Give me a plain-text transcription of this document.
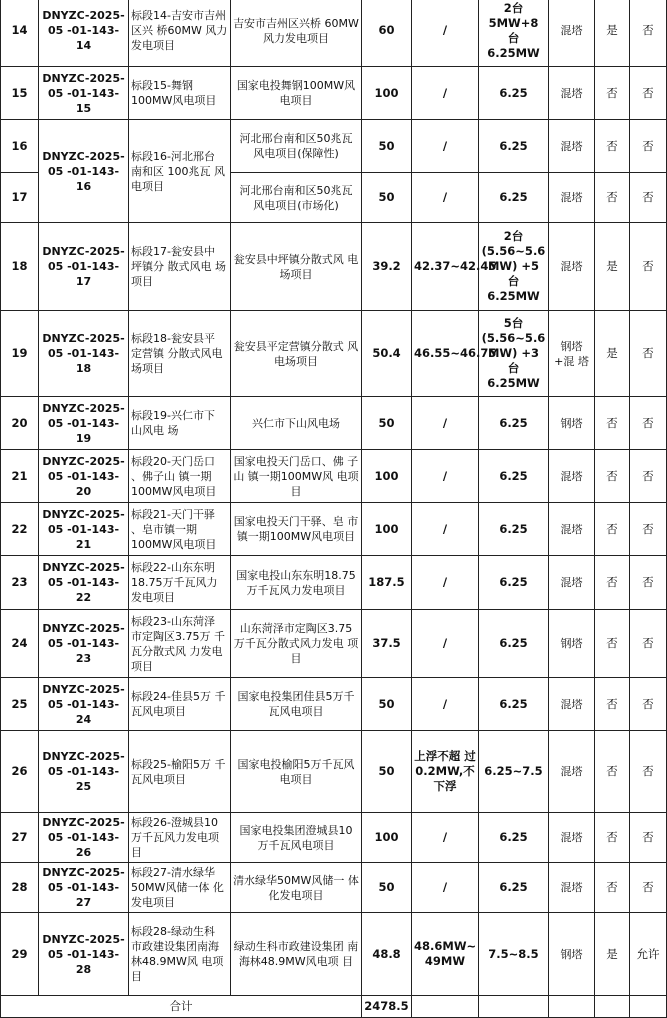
14	DNYZC-2025-05 -01-143-14	标段14-吉安市吉州区兴 桥60MW 风力发电项目	吉安市吉州区兴桥 60MW 风力发电项目	60	/	2台 5MW+8 台 6.25MW	混塔	是	否
15	DNYZC-2025-05 -01-143-15	标段15-舞钢 100MW风电项目	国家电投舞钢100MW风 电项目	100	/	6.25	混塔	否	否
16	DNYZC-2025-05 -01-143-16	标段16-河北邢台 南和区 100兆瓦 风电项目	河北邢台南和区50兆瓦 风电项目(保障性)	50	/	6.25	混塔	否	否
17			河北邢台南和区50兆瓦 风电项目(市场化)	50	/	6.25	混塔	否	否
18	DNYZC-2025-05 -01-143-17	标段17-瓮安县中 坪镇分 散式风电 场项目	瓮安县中坪镇分散式风 电场项目	39.2	42.37~42.45	2台 (5.56~5.6 MW) +5 台 6.25MW	混塔	是	否
19	DNYZC-2025-05 -01-143-18	标段18-瓮安县平 定营镇 分散式风电 场项目	瓮安县平定营镇分散式 风电场项目	50.4	46.55~46.75	5台 (5.56~5.6 MW) +3 台 6.25MW	钢塔+混 塔	是	否
20	DNYZC-2025-05 -01-143-19	标段19-兴仁市下 山风电 场	兴仁市下山风电场	50	/	6.25	钢塔	否	否
21	DNYZC-2025-05 -01-143-20	标段20-天门岳口 、佛子山 镇一期 100MW风电项目	国家电投天门岳口、佛 子山 镇一期100MW风 电项目	100	/	6.25	混塔	否	否
22	DNYZC-2025-05 -01-143-21	标段21-天门干驿 、皂市镇一期 100MW风电项目	国家电投天门干驿、皂 市镇一期100MW风电项目	100	/	6.25	混塔	否	否
23	DNYZC-2025-05 -01-143-22	标段22-山东东明 18.75万千瓦风力 发电项目	国家电投山东东明18.75 万千瓦风力发电项目	187.5	/	6.25	混塔	否	否
24	DNYZC-2025-05 -01-143-23	标段23-山东菏泽 市定陶区3.75万 千瓦分散式风 力发电项目	山东菏泽市定陶区3.75 万千瓦分散式风力发电 项目	37.5	/	6.25	钢塔	否	否
25	DNYZC-2025-05 -01-143-24	标段24-佳县5万 千瓦风电项目	国家电投集团佳县5万千 瓦风电项目	50	/	6.25	混塔	否	否
26	DNYZC-2025-05 -01-143-25	标段25-榆阳5万 千瓦风电项目	国家电投榆阳5万千瓦风 电项目	50	上浮不超 过 0.2MW,不 下浮	6.25~7.5	混塔	否	否
27	DNYZC-2025-05 -01-143-26	标段26-澄城县10 万千瓦风力发电项 目	国家电投集团澄城县10 万千瓦风电项目	100	/	6.25	混塔	否	否
28	DNYZC-2025-05 -01-143-27	标段27-清水绿华 50MW风储一体 化发电项目	清水绿华50MW风储一 体化发电项目	50	/	6.25	混塔	否	否
29	DNYZC-2025-05 -01-143-28	标段28-绿动生科 市政建设集团南海 林48.9MW风 电项目	绿动生科市政建设集团 南海林48.9MW风电项 目	48.8	48.6MW~ 49MW	7.5~8.5	钢塔	是	允许
合计				2478.5					
